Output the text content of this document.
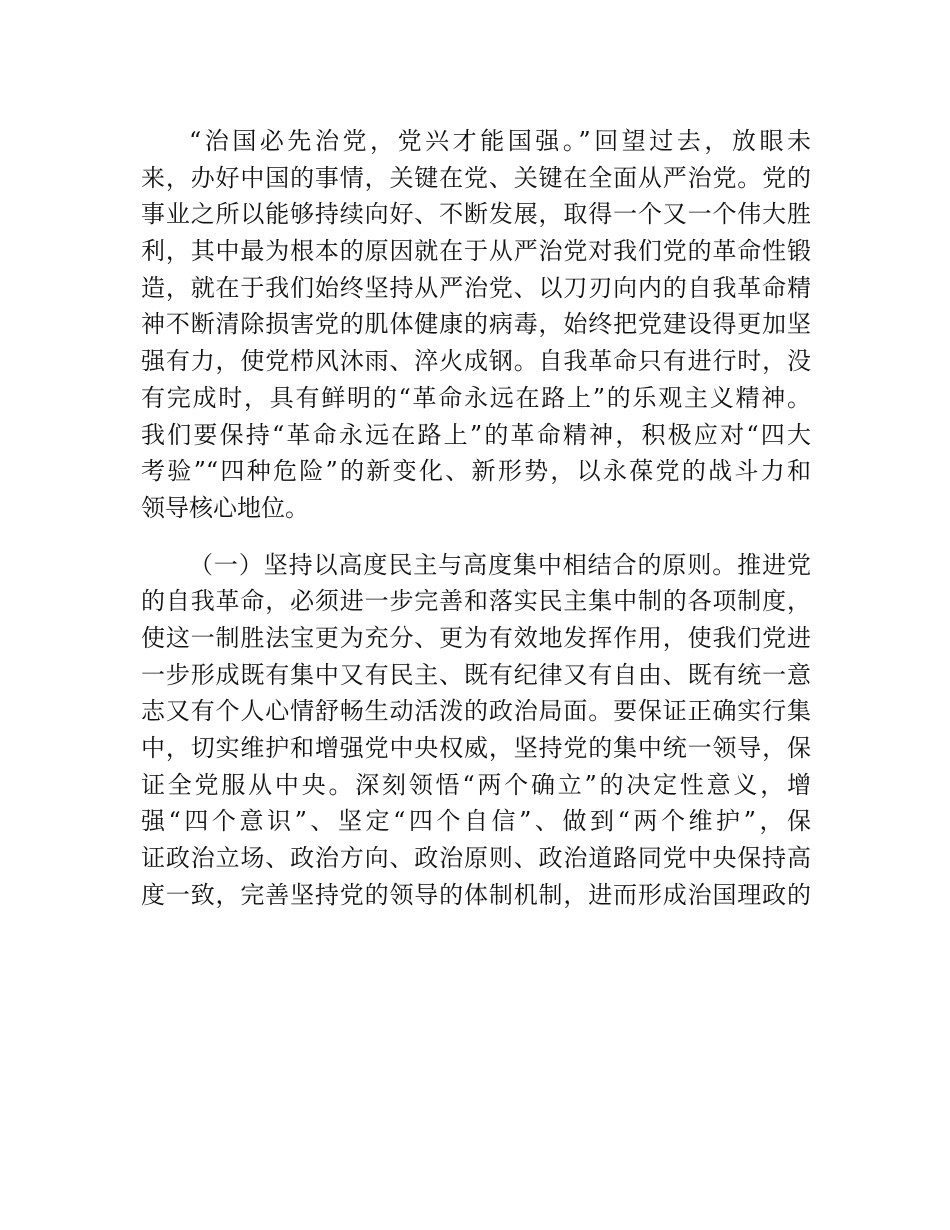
“治国必先治党，党兴才能国强。”回望过去，放眼未
来，办好中国的事情，关键在党、关键在全面从严治党。党的
事业之所以能够持续向好、不断发展，取得一个又一个伟大胜
利，其中最为根本的原因就在于从严治党对我们党的革命性锻
造，就在于我们始终坚持从严治党、以刀刃向内的自我革命精
神不断清除损害党的肌体健康的病毒，始终把党建设得更加坚
强有力，使党栉风沐雨、淬火成钢。自我革命只有进行时，没
有完成时，具有鲜明的“革命永远在路上”的乐观主义精神。
我们要保持“革命永远在路上”的革命精神，积极应对“四大
考验”“四种危险”的新变化、新形势，以永葆党的战斗力和
领导核心地位。
（一）坚持以高度民主与高度集中相结合的原则。推进党
的自我革命，必须进一步完善和落实民主集中制的各项制度，
使这一制胜法宝更为充分、更为有效地发挥作用，使我们党进
一步形成既有集中又有民主、既有纪律又有自由、既有统一意
志又有个人心情舒畅生动活泼的政治局面。要保证正确实行集
中，切实维护和增强党中央权威，坚持党的集中统一领导，保
证全党服从中央。深刻领悟“两个确立”的决定性意义，增
强“四个意识”、坚定“四个自信”、做到“两个维护”，保
证政治立场、政治方向、政治原则、政治道路同党中央保持高
度一致，完善坚持党的领导的体制机制，进而形成治国理政的
